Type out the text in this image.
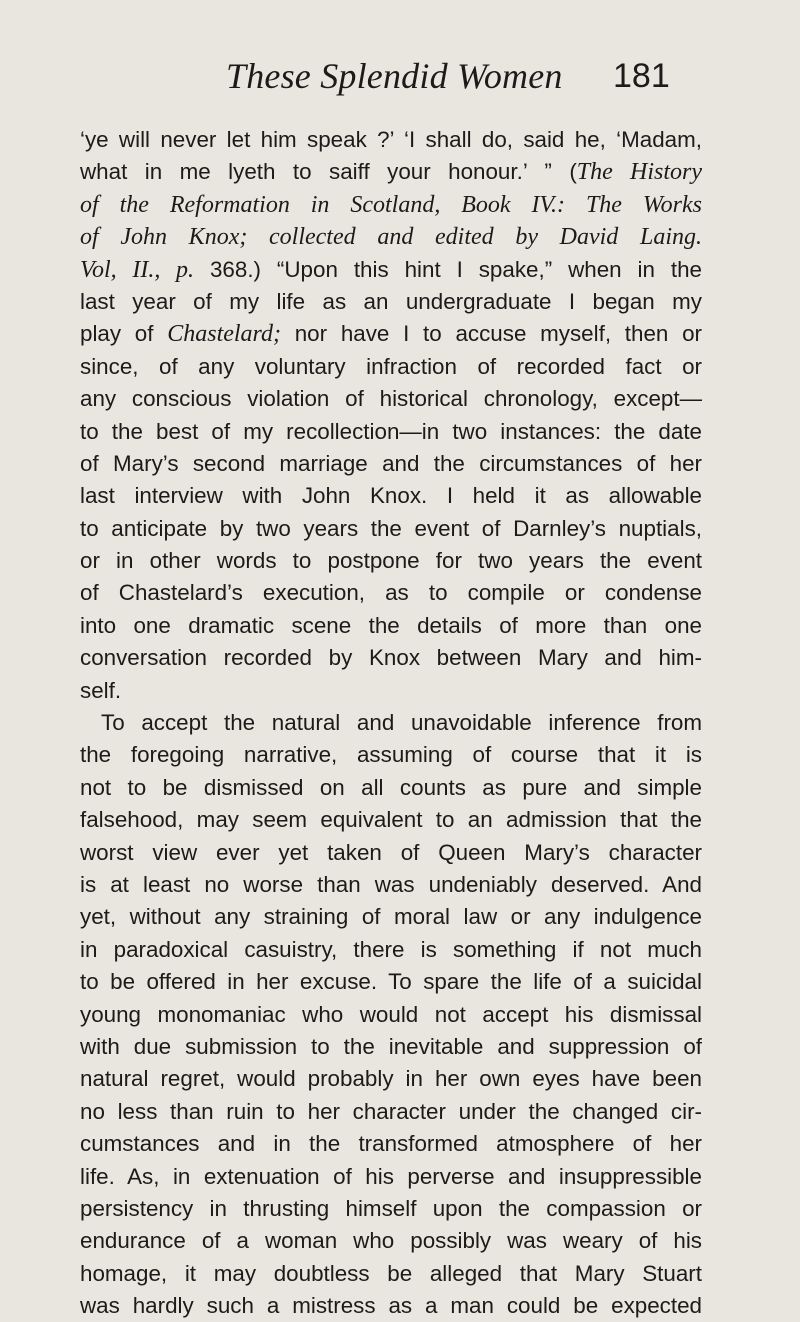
These Splendid Women 181
‘ye will never let him speak ?’ ‘I shall do, said he, ‘Madam,
what in me lyeth to saiff your honour.’ ” (The History
of the Reformation in Scotland, Book IV.: The Works
of John Knox; collected and edited by David Laing.
Vol, II., p. 368.) “Upon this hint I spake,” when in the
last year of my life as an undergraduate I began my
play of Chastelard; nor have I to accuse myself, then or
since, of any voluntary infraction of recorded fact or
any conscious violation of historical chronology, except—
to the best of my recollection—in two instances: the date
of Mary’s second marriage and the circumstances of her
last interview with John Knox. I held it as allowable
to anticipate by two years the event of Darnley’s nuptials,
or in other words to postpone for two years the event
of Chastelard’s execution, as to compile or condense
into one dramatic scene the details of more than one
conversation recorded by Knox between Mary and him-
self.
To accept the natural and unavoidable inference from
the foregoing narrative, assuming of course that it is
not to be dismissed on all counts as pure and simple
falsehood, may seem equivalent to an admission that the
worst view ever yet taken of Queen Mary’s character
is at least no worse than was undeniably deserved. And
yet, without any straining of moral law or any indulgence
in paradoxical casuistry, there is something if not much
to be offered in her excuse. To spare the life of a suicidal
young monomaniac who would not accept his dismissal
with due submission to the inevitable and suppression of
natural regret, would probably in her own eyes have been
no less than ruin to her character under the changed cir-
cumstances and in the transformed atmosphere of her
life. As, in extenuation of his perverse and insuppressible
persistency in thrusting himself upon the compassion or
endurance of a woman who possibly was weary of his
homage, it may doubtless be alleged that Mary Stuart
was hardly such a mistress as a man could be expected
